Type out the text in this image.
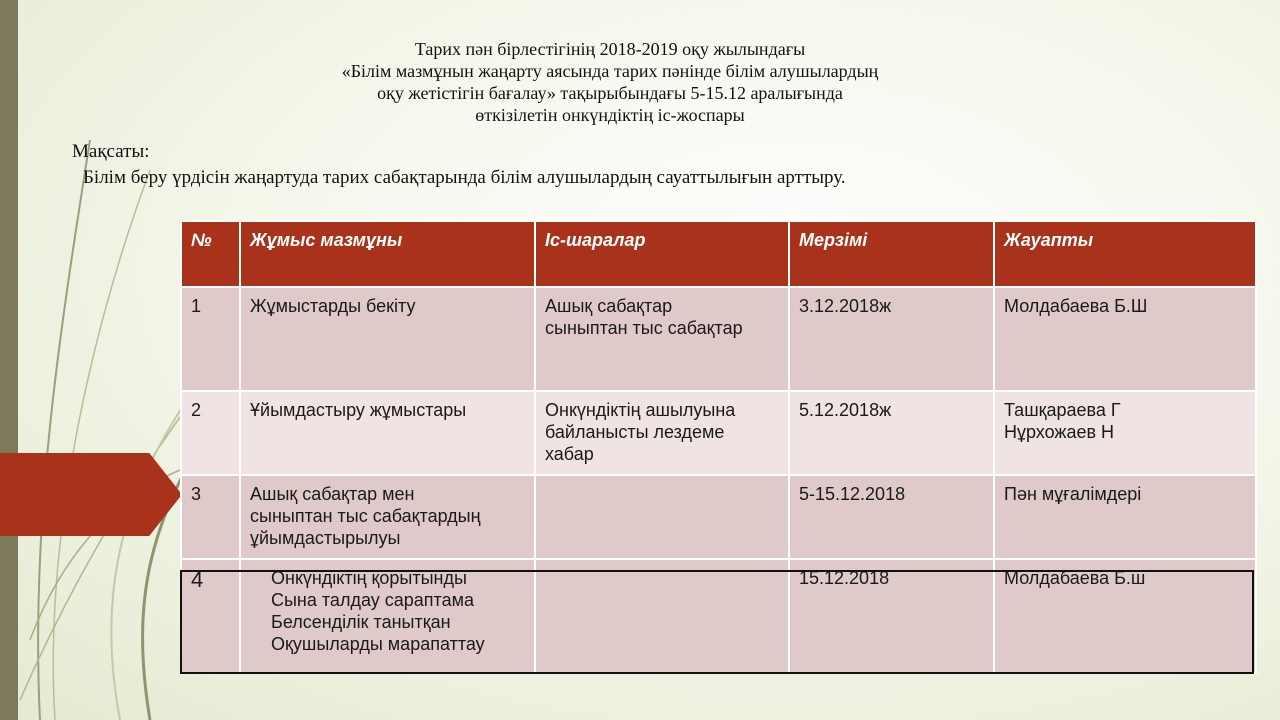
Тарих пән бірлестігінің 2018-2019 оқу жылындағы
«Білім мазмұнын жаңарту аясында тарих пәнінде білім алушылардың
оқу жетістігін бағалау» тақырыбындағы 5-15.12 аралығында
өткізілетін онкүндіктің іс-жоспары
Мақсаты:
Білім беру үрдісін жаңартуда тарих сабақтарында білім алушылардың сауаттылығын арттыру.
№	Жұмыс мазмұны	Іс-шаралар	Мерзімі	Жауапты
1	Жұмыстарды бекіту	Ашық сабақтар
сыныптан тыс сабақтар	3.12.2018ж	Молдабаева Б.Ш

2	Ұйымдастыру жұмыстары	Онкүндіктің ашылуына
байланысты лездеме
хабар	5.12.2018ж	Ташқараева Г
Нұрхожаев Н

3	Ашық сабақтар мен
сыныптан тыс сабақтардың
ұйымдастырылуы		5-15.12.2018	Пән мұғалімдері

4	Онкүндіктің қорытынды
Сына талдау сараптама
Белсенділік танытқан
Оқушыларды марапаттау		15.12.2018	Молдабаева Б.ш
